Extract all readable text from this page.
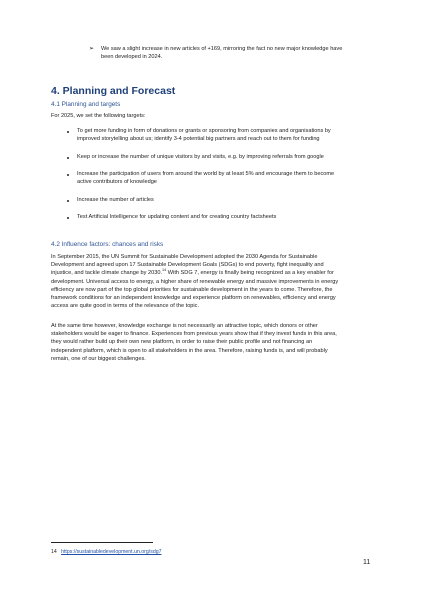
➢ We saw a slight increase in new articles of +169, mirroring the fact no new major knowledge have
been developed in 2024.
4. Planning and Forecast
4.1 Planning and targets
For 2025, we set the following targets:
To get more funding in form of donations or grants or sponsoring from companies and organisations by
improved storytelling about us; identify 3-4 potential big partners and reach out to them for funding
Keep or increase the number of unique visitors by and visits, e.g. by improving referrals from google
Increase the participation of users from around the world by at least 5% and encourage them to become
active contributors of knowledge
Increase the number of articles
Test Artificial Intelligence for updating content and for creating country factsheets
4.2 Influence factors: chances and risks
In September 2015, the UN Summit for Sustainable Development adopted the 2030 Agenda for Sustainable
Development and agreed upon 17 Sustainable Development Goals (SDGs) to end poverty, fight inequality and
injustice, and tackle climate change by 2030.14 With SDG 7, energy is finally being recognized as a key enabler for
development. Universal access to energy, a higher share of renewable energy and massive improvements in energy
efficiency are now part of the top global priorities for sustainable development in the years to come. Therefore, the
framework conditions for an independent knowledge and experience platform on renewables, efficiency and energy
access are quite good in terms of the relevance of the topic.
At the same time however, knowledge exchange is not necessarily an attractive topic, which donors or other
stakeholders would be eager to finance. Experiences from previous years show that if they invest funds in this area,
they would rather build up their own new platform, in order to raise their public profile and not financing an
independent platform, which is open to all stakeholders in the area. Therefore, raising funds is, and will probably
remain, one of our biggest challenges.
14 https://sustainabledevelopment.un.org/sdg7
11
